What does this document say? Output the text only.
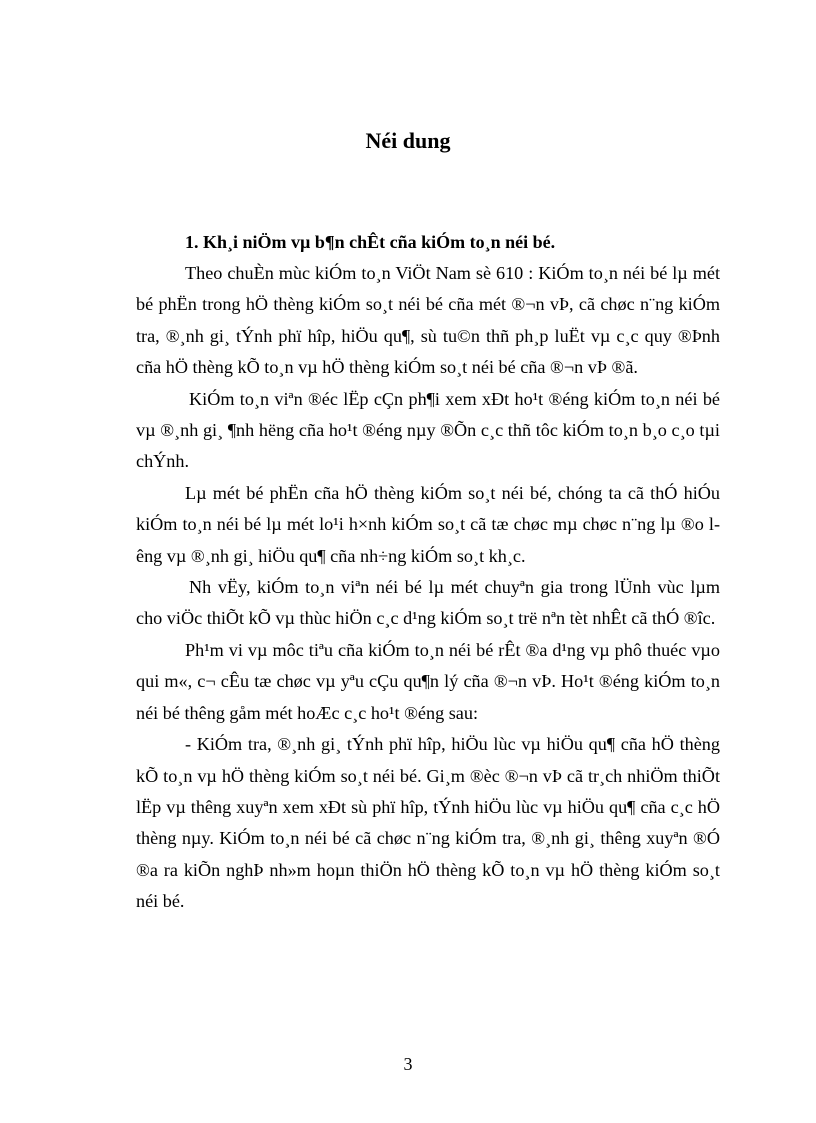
Néi dung
1. Kh¸i niÖm vµ b¶n chÊt cña kiÓm to¸n néi bé.

Theo chuÈn mùc kiÓm to¸n ViÖt Nam sè 610 : KiÓm to¸n néi bé lµ mét bé phËn trong hÖ thèng kiÓm so¸t néi bé cña mét ®¬n vÞ, cã chøc n¨ng kiÓm tra, ®¸nh gi¸ tÝnh phï hîp, hiÖu qu¶, sù tu©n thñ ph¸p luËt vµ c¸c quy ®Þnh cña hÖ thèng kÕ to¸n vµ hÖ thèng kiÓm so¸t néi bé cña ®¬n vÞ ®ã.

KiÓm to¸n viªn ®éc lËp cÇn ph¶i xem xÐt ho¹t ®éng kiÓm to¸n néi bé vµ ®¸nh gi¸ ¶nh hëng cña ho¹t ®éng nµy ®Õn c¸c thñ tôc kiÓm to¸n b¸o c¸o tµi chÝnh.

Lµ mét bé phËn cña hÖ thèng kiÓm so¸t néi bé, chóng ta cã thÓ hiÓu kiÓm to¸n néi bé lµ mét lo¹i h×nh kiÓm so¸t cã tæ chøc mµ chøc n¨ng lµ ®o lêng vµ ®¸nh gi¸ hiÖu qu¶ cña nh÷ng kiÓm so¸t kh¸c.

Nh vËy, kiÓm to¸n viªn néi bé lµ mét chuyªn gia trong lÜnh vùc lµm cho viÖc thiÕt kÕ vµ thùc hiÖn c¸c d¹ng kiÓm so¸t trë nªn tèt nhÊt cã thÓ ®îc.

Ph¹m vi vµ môc tiªu cña kiÓm to¸n néi bé rÊt ®a d¹ng vµ phô thuéc vµo qui m«, c¬ cÊu tæ chøc vµ yªu cÇu qu¶n lý cña ®¬n vÞ. Ho¹t ®éng kiÓm to¸n néi bé thêng gåm mét hoÆc c¸c ho¹t ®éng sau:

- KiÓm tra, ®¸nh gi¸ tÝnh phï hîp, hiÖu lùc vµ hiÖu qu¶ cña hÖ thèng kÕ to¸n vµ hÖ thèng kiÓm so¸t néi bé. Gi¸m ®èc ®¬n vÞ cã tr¸ch nhiÖm thiÕt lËp vµ thêng xuyªn xem xÐt sù phï hîp, tÝnh hiÖu lùc vµ hiÖu qu¶ cña c¸c hÖ thèng nµy. KiÓm to¸n néi bé cã chøc n¨ng kiÓm tra, ®¸nh gi¸ thêng xuyªn ®Ó ®a ra kiÕn nghÞ nh»m hoµn thiÖn hÖ thèng kÕ to¸n vµ hÖ thèng kiÓm so¸t néi bé.

3
